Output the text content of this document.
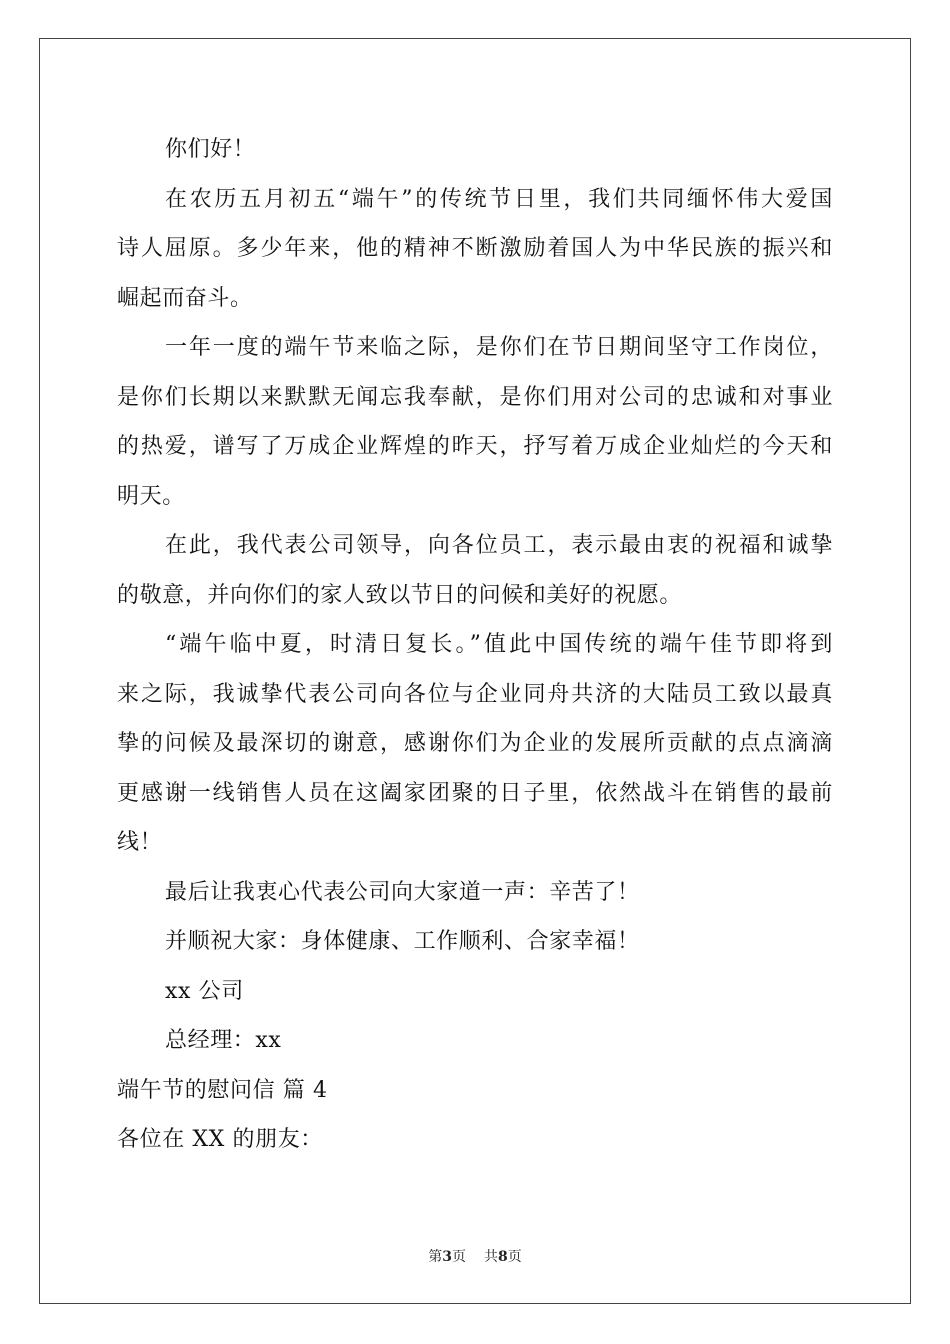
你们好！
在农历五月初五“端午”的传统节日里，我们共同缅怀伟大爱国
诗人屈原。多少年来，他的精神不断激励着国人为中华民族的振兴和
崛起而奋斗。
一年一度的端午节来临之际，是你们在节日期间坚守工作岗位，
是你们长期以来默默无闻忘我奉献，是你们用对公司的忠诚和对事业
的热爱，谱写了万成企业辉煌的昨天，抒写着万成企业灿烂的今天和
明天。
在此，我代表公司领导，向各位员工，表示最由衷的祝福和诚挚
的敬意，并向你们的家人致以节日的问候和美好的祝愿。
“端午临中夏，时清日复长。”值此中国传统的端午佳节即将到
来之际，我诚挚代表公司向各位与企业同舟共济的大陆员工致以最真
挚的问候及最深切的谢意，感谢你们为企业的发展所贡献的点点滴滴
更感谢一线销售人员在这阖家团聚的日子里，依然战斗在销售的最前
线！
最后让我衷心代表公司向大家道一声：辛苦了！
并顺祝大家：身体健康、工作顺利、合家幸福！
xx 公司
总经理：xx
端午节的慰问信 篇 4
各位在 XX 的朋友：
第3页 共8页
